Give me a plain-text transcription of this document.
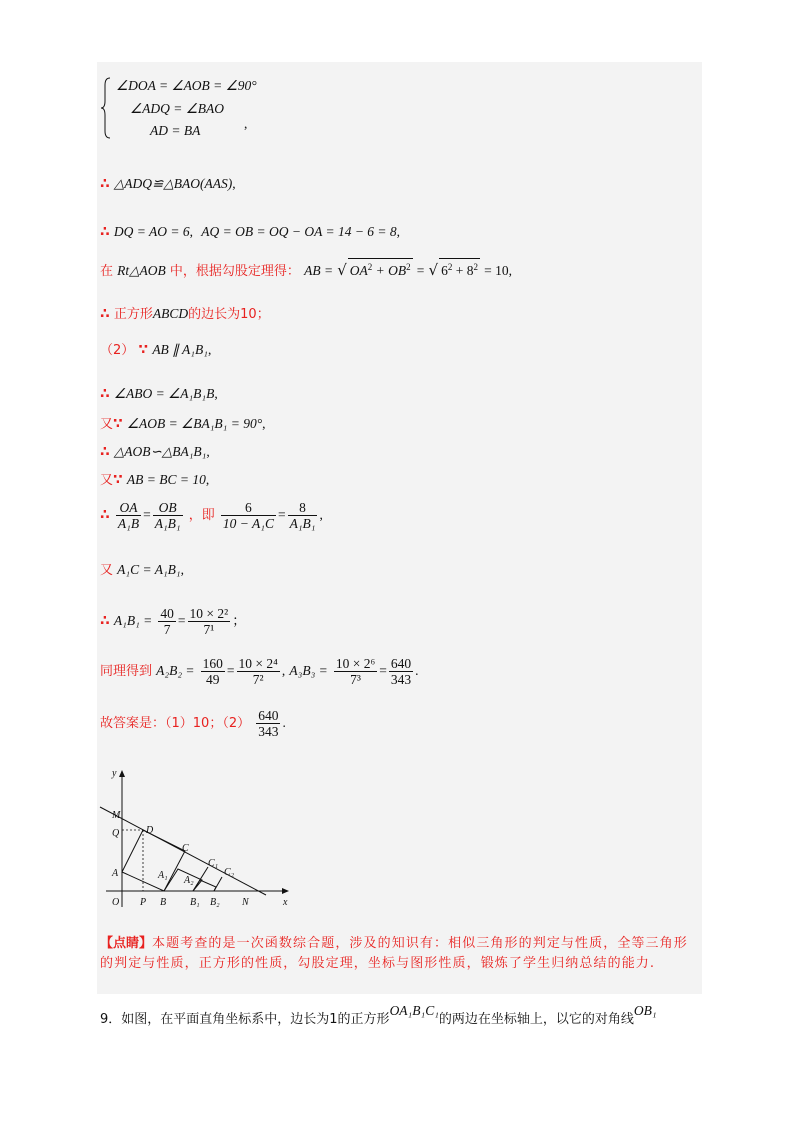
∠DOA = ∠AOB = ∠90°
∠ADQ = ∠BAO
AD = BA	,
∴ △ADQ≌△BAO(AAS),
∴ DQ = AO = 6, AQ = OB = OQ − OA = 14 − 6 = 8,
在 Rt△AOB 中，根据勾股定理得： AB = √ $OA^2 + OB^2$ = √ $6^2 + 8^2 = 10$,
∴ 正方形ABCD的边长为10；
（2） ∵ AB ∥ A₁B₁,
∴ ∠ABO = ∠A₁B₁B,
又∵ ∠AOB = ∠BA₁B₁ = 90°,
∴ △AOB∽△BA₁B₁,
又∵ AB = BC = 10,
∴ $\frac{OA}{\text{A₁B}} = \frac{OB}{\text{A₁B₁}}$ ，即 $\frac{6}{\text{10 − A₁C}} = \frac{8}{\text{A₁B₁}}$ ,
又 A₁C = A₁B₁,
∴ $A_1B_1 = \frac{40}{7} = \frac{\text{10 × 2²}}{\text{7¹}}$ ；
同理得到 $A_2B_2 = \frac{160}{49} = \frac{\text{10 × 2⁴}}{\text{7²}}$ , $A_3B_3 = \frac{\text{10 × 2⁶}}{\text{7³}} = \frac{640}{343}$ .
故答案是：（1）10；$(2) \frac{640}{343}$ .
y
x
M
Q	D
A
O P B
C
A₁ A₂
C₁
C₂
B₁ B₂ N
【点睛】本题考查的是一次函数综合题，涉及的知识有：相似三角形的判定与性质，全等三角形的判定与性质，正方形的性质，勾股定理，坐标与图形性质，锻炼了学生归纳总结的能力.
9．如图，在平面直角坐标系中，边长为1的正方形OA₁B₁C₁的两边在坐标轴上，以它的对角线OB₁
